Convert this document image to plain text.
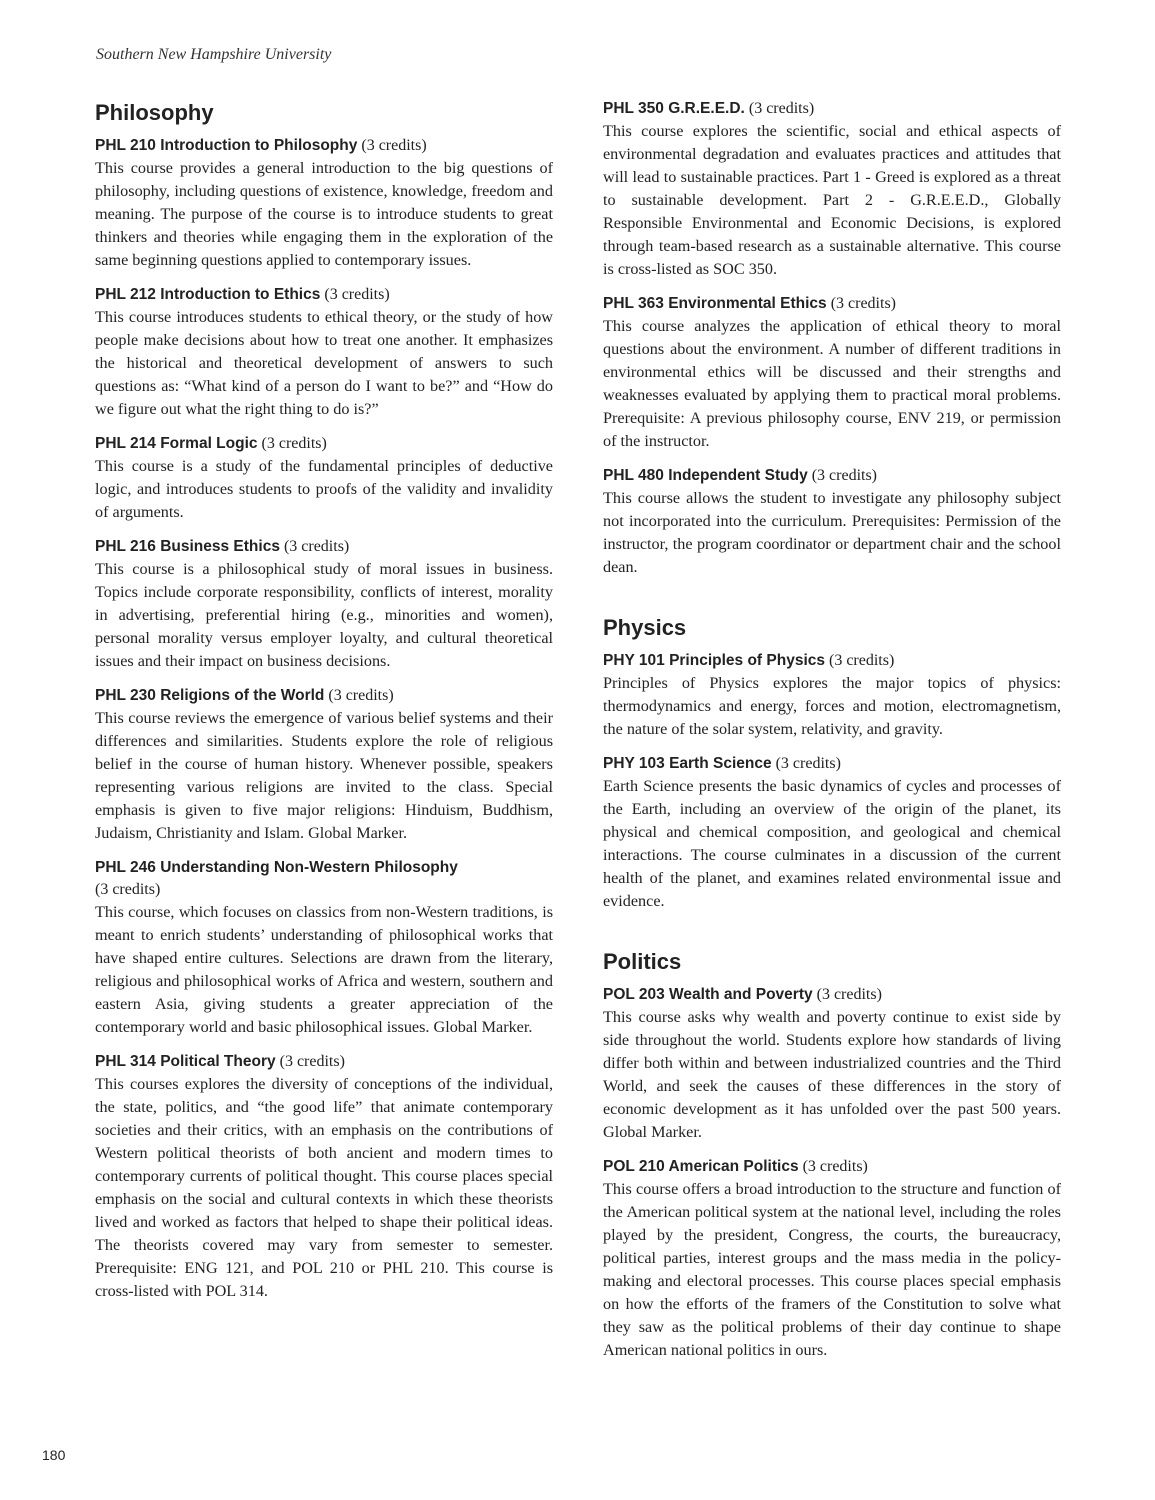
Southern New Hampshire University
Philosophy

PHL 210 Introduction to Philosophy (3 credits)

This course provides a general introduction to the big questions of philosophy, including questions of existence, knowledge, freedom and meaning. The purpose of the course is to introduce students to great thinkers and theories while engaging them in the exploration of the same beginning questions applied to contemporary issues.

PHL 212 Introduction to Ethics (3 credits)

This course introduces students to ethical theory, or the study of how people make decisions about how to treat one another. It emphasizes the historical and theoretical development of answers to such questions as: “What kind of a person do I want to be?” and “How do we figure out what the right thing to do is?”

PHL 214 Formal Logic (3 credits)

This course is a study of the fundamental principles of deductive logic, and introduces students to proofs of the validity and invalidity of arguments.

PHL 216 Business Ethics (3 credits)

This course is a philosophical study of moral issues in business. Topics include corporate responsibility, conflicts of interest, morality in advertising, preferential hiring (e.g., minorities and women), personal morality versus employer loyalty, and cultural theoretical issues and their impact on business decisions.

PHL 230 Religions of the World (3 credits)

This course reviews the emergence of various belief systems and their differences and similarities. Students explore the role of religious belief in the course of human history. Whenever possible, speakers representing various religions are invited to the class. Special emphasis is given to five major religions: Hinduism, Buddhism, Judaism, Christianity and Islam. Global Marker.

PHL 246 Understanding Non-Western Philosophy
(3 credits)

This course, which focuses on classics from non-Western traditions, is meant to enrich students’ understanding of philosophical works that have shaped entire cultures. Selections are drawn from the literary, religious and philosophical works of Africa and western, southern and eastern Asia, giving students a greater appreciation of the contemporary world and basic philosophical issues. Global Marker.

PHL 314 Political Theory (3 credits)

This courses explores the diversity of conceptions of the individual, the state, politics, and “the good life” that animate contemporary societies and their critics, with an emphasis on the contributions of Western political theorists of both ancient and modern times to contemporary currents of political thought. This course places special emphasis on the social and cultural contexts in which these theorists lived and worked as factors that helped to shape their political ideas. The theorists covered may vary from semester to semester. Prerequisite: ENG 121, and POL 210 or PHL 210. This course is cross-listed with POL 314.

PHL 350 G.R.E.E.D. (3 credits)

This course explores the scientific, social and ethical aspects of environmental degradation and evaluates practices and attitudes that will lead to sustainable practices. Part 1 - Greed is explored as a threat to sustainable development. Part 2 - G.R.E.E.D., Globally Responsible Environmental and Economic Decisions, is explored through team-based research as a sustainable alternative. This course is cross-listed as SOC 350.

PHL 363 Environmental Ethics (3 credits)

This course analyzes the application of ethical theory to moral questions about the environment. A number of different traditions in environmental ethics will be discussed and their strengths and weaknesses evaluated by applying them to practical moral problems. Prerequisite: A previous philosophy course, ENV 219, or permission of the instructor.

PHL 480 Independent Study (3 credits)

This course allows the student to investigate any philosophy subject not incorporated into the curriculum. Prerequisites: Permission of the instructor, the program coordinator or department chair and the school dean.

Physics

PHY 101 Principles of Physics (3 credits)

Principles of Physics explores the major topics of physics: thermodynamics and energy, forces and motion, electromagnetism, the nature of the solar system, relativity, and gravity.

PHY 103 Earth Science (3 credits)

Earth Science presents the basic dynamics of cycles and processes of the Earth, including an overview of the origin of the planet, its physical and chemical composition, and geological and chemical interactions. The course culminates in a discussion of the current health of the planet, and examines related environmental issue and evidence.

Politics

POL 203 Wealth and Poverty (3 credits)

This course asks why wealth and poverty continue to exist side by side throughout the world. Students explore how standards of living differ both within and between industrialized countries and the Third World, and seek the causes of these differences in the story of economic development as it has unfolded over the past 500 years. Global Marker.

POL 210 American Politics (3 credits)

This course offers a broad introduction to the structure and function of the American political system at the national level, including the roles played by the president, Congress, the courts, the bureaucracy, political parties, interest groups and the mass media in the policy-making and electoral processes. This course places special emphasis on how the efforts of the framers of the Constitution to solve what they saw as the political problems of their day continue to shape American national politics in ours.

180
